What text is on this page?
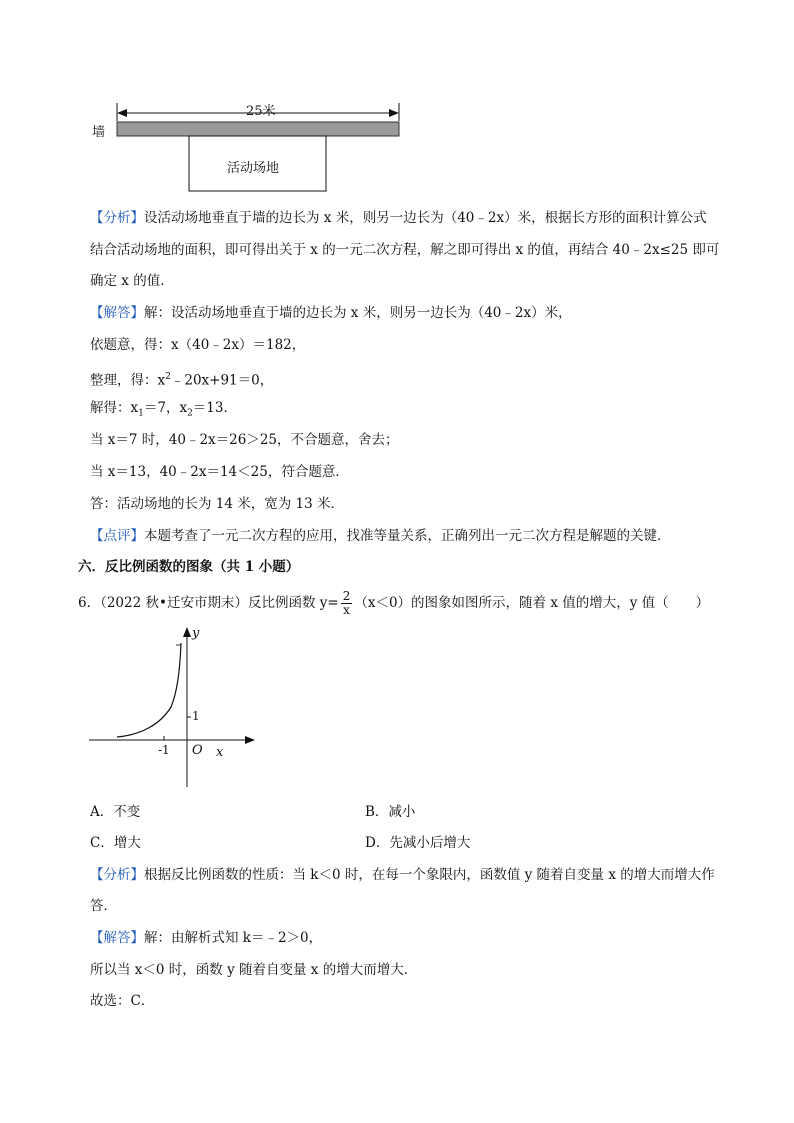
25米
墙
活动场地
【分析】设活动场地垂直于墙的边长为 x 米，则另一边长为（40﹣2x）米，根据长方形的面积计算公式
结合活动场地的面积，即可得出关于 x 的一元二次方程，解之即可得出 x 的值，再结合 40﹣2x≤25 即可
确定 x 的值．
【解答】解：设活动场地垂直于墙的边长为 x 米，则另一边长为（40﹣2x）米，
依题意，得：x（40﹣2x）＝182，
整理，得：$x^2﹣20x+91=0$，
解得：$x_1=7$，$x_2=13$．
当 x＝7 时，40﹣2x＝26＞25，不合题意，舍去；
当 x＝13，40﹣2x＝14＜25，符合题意．
答：活动场地的长为 14 米，宽为 13 米．
【点评】本题考查了一元二次方程的应用，找准等量关系，正确列出一元二次方程是解题的关键．
六．反比例函数的图象（共 1 小题）
6．（2022 秋•迁安市期末）反比例函数 $y= \frac{2}{x} (x<0)$的图象如图所示，随着 x 值的增大，y 值（　　）
y
x
O
-1
1
A．不变	B．减小
C．增大	D．先减小后增大
【分析】根据反比例函数的性质：当 k＜0 时，在每一个象限内，函数值 y 随着自变量 x 的增大而增大作
答．
【解答】解：由解析式知 k＝﹣2＞0，
所以当 x＜0 时，函数 y 随着自变量 x 的增大而增大．
故选：C．
